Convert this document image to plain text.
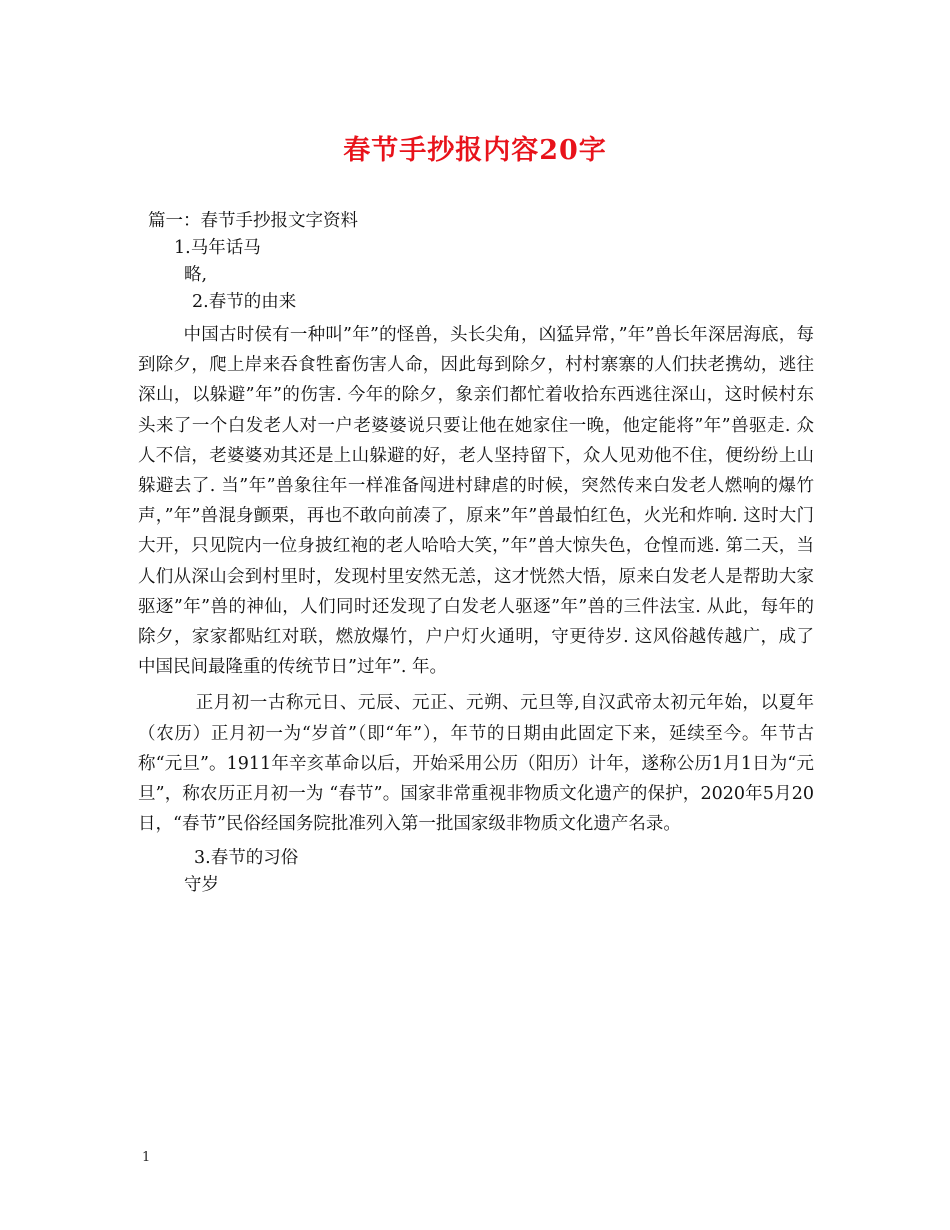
春节手抄报内容20字
篇一：春节手抄报文字资料
1.马年话马
略,
2.春节的由来
中国古时侯有一种叫”年”的怪兽，头长尖角，凶猛异常，”年”兽长年深居海底，每到除夕，爬上岸来吞食牲畜伤害人命，因此每到除夕，村村寨寨的人们扶老携幼，逃往深山，以躲避”年”的伤害. 今年的除夕，象亲们都忙着收拾东西逃往深山，这时候村东头来了一个白发老人对一户老婆婆说只要让他在她家住一晚，他定能将”年”兽驱走. 众人不信，老婆婆劝其还是上山躲避的好，老人坚持留下，众人见劝他不住，便纷纷上山躲避去了. 当”年”兽象往年一样准备闯进村肆虐的时候，突然传来白发老人燃响的爆竹声，”年”兽混身颤栗，再也不敢向前凑了，原来”年”兽最怕红色，火光和炸响. 这时大门大开，只见院内一位身披红袍的老人哈哈大笑，”年”兽大惊失色，仓惶而逃. 第二天，当人们从深山会到村里时，发现村里安然无恙，这才恍然大悟，原来白发老人是帮助大家驱逐”年”兽的神仙，人们同时还发现了白发老人驱逐”年”兽的三件法宝. 从此，每年的除夕，家家都贴红对联，燃放爆竹，户户灯火通明，守更待岁. 这风俗越传越广，成了中国民间最隆重的传统节日”过年”. 年。
正月初一古称元日、元辰、元正、元朔、元旦等,自汉武帝太初元年始，以夏年（农历）正月初一为“岁首”（即“年”），年节的日期由此固定下来，延续至今。年节古称“元旦”。1911年辛亥革命以后，开始采用公历（阳历）计年，遂称公历1月1日为“元旦”，称农历正月初一为 “春节”。国家非常重视非物质文化遗产的保护，2020年5月20日，“春节”民俗经国务院批准列入第一批国家级非物质文化遗产名录。
3.春节的习俗
守岁
1
